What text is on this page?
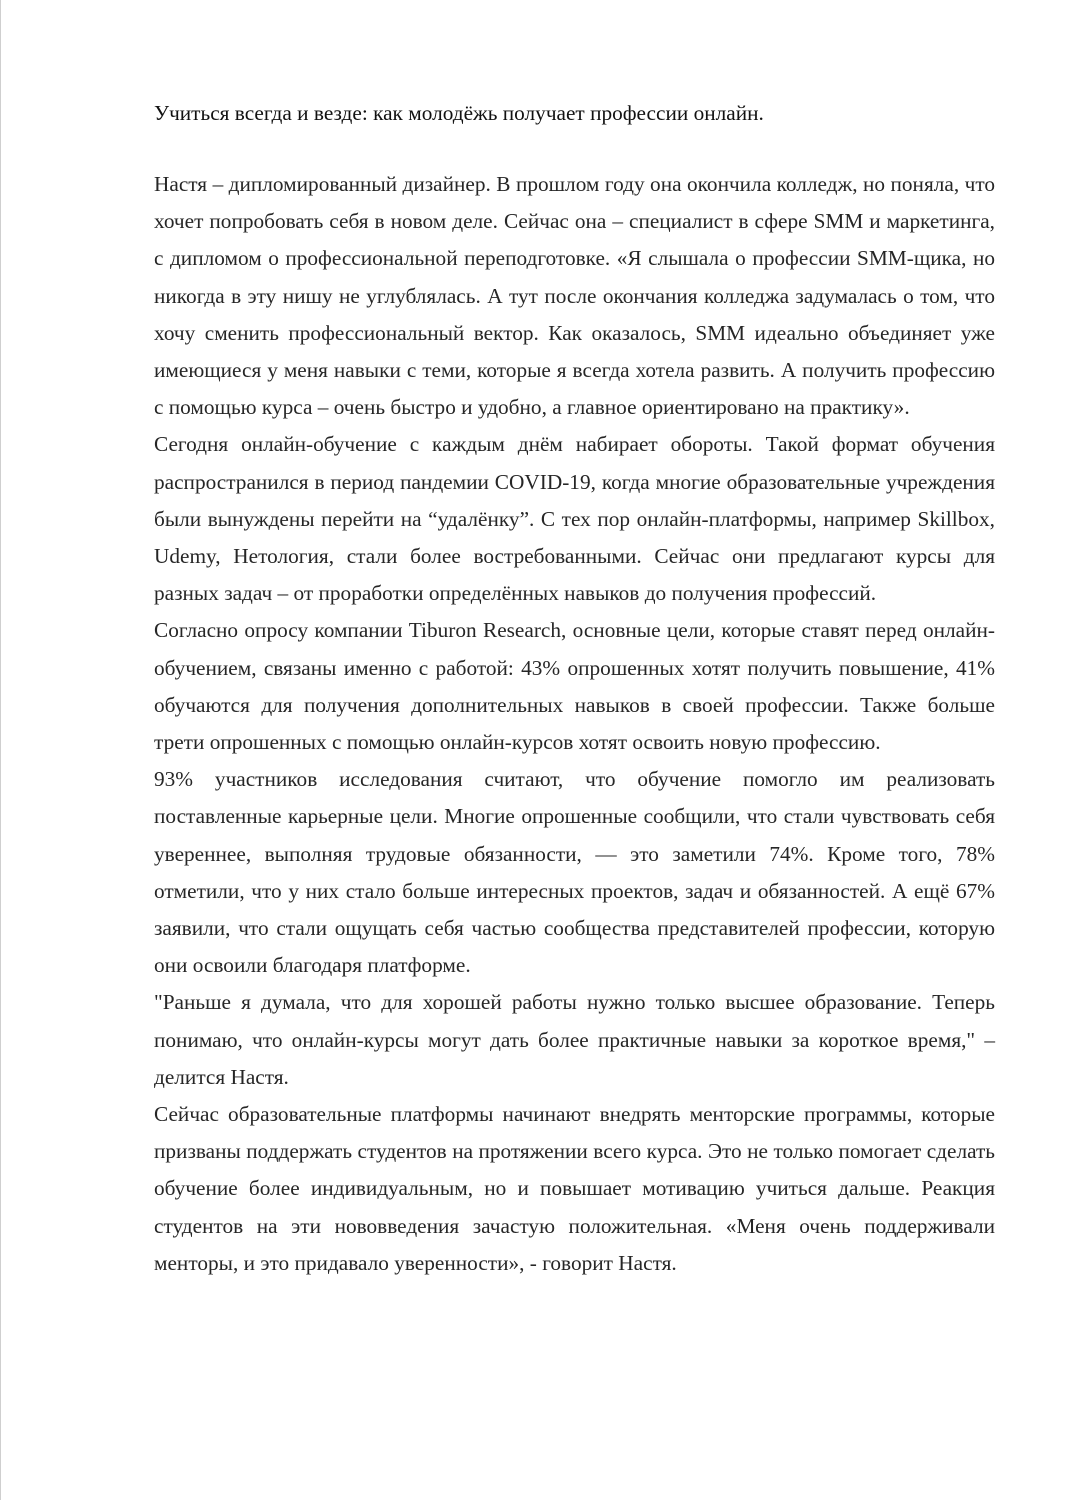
Учиться всегда и везде: как молодёжь получает профессии онлайн.

Настя – дипломированный дизайнер. В прошлом году она окончила колледж, но поняла, что хочет попробовать себя в новом деле. Сейчас она – специалист в сфере SMM и маркетинга, с дипломом о профессиональной переподготовке. «Я слышала о профессии SMM-щика, но никогда в эту нишу не углублялась. А тут после окончания колледжа задумалась о том, что хочу сменить профессиональный вектор. Как оказалось, SMM идеально объединяет уже имеющиеся у меня навыки с теми, которые я всегда хотела развить. А получить профессию с помощью курса – очень быстро и удобно, а главное ориентировано на практику».

Сегодня онлайн-обучение с каждым днём набирает обороты. Такой формат обучения распространился в период пандемии COVID-19, когда многие образовательные учреждения были вынуждены перейти на “удалёнку”. С тех пор онлайн-платформы, например Skillbox, Udemy, Нетология, стали более востребованными. Сейчас они предлагают курсы для разных задач – от проработки определённых навыков до получения профессий.

Согласно опросу компании Tiburon Research, основные цели, которые ставят перед онлайн-обучением, связаны именно с работой: 43% опрошенных хотят получить повышение, 41% обучаются для получения дополнительных навыков в своей профессии. Также больше трети опрошенных с помощью онлайн-курсов хотят освоить новую профессию.

93% участников исследования считают, что обучение помогло им реализовать поставленные карьерные цели. Многие опрошенные сообщили, что стали чувствовать себя увереннее, выполняя трудовые обязанности, — это заметили 74%. Кроме того, 78% отметили, что у них стало больше интересных проектов, задач и обязанностей. А ещё 67% заявили, что стали ощущать себя частью сообщества представителей профессии, которую они освоили благодаря платформе.

"Раньше я думала, что для хорошей работы нужно только высшее образование. Теперь понимаю, что онлайн-курсы могут дать более практичные навыки за короткое время," – делится Настя.

Сейчас образовательные платформы начинают внедрять менторские программы, которые призваны поддержать студентов на протяжении всего курса. Это не только помогает сделать обучение более индивидуальным, но и повышает мотивацию учиться дальше. Реакция студентов на эти нововведения зачастую положительная. «Меня очень поддерживали менторы, и это придавало уверенности», - говорит Настя.
